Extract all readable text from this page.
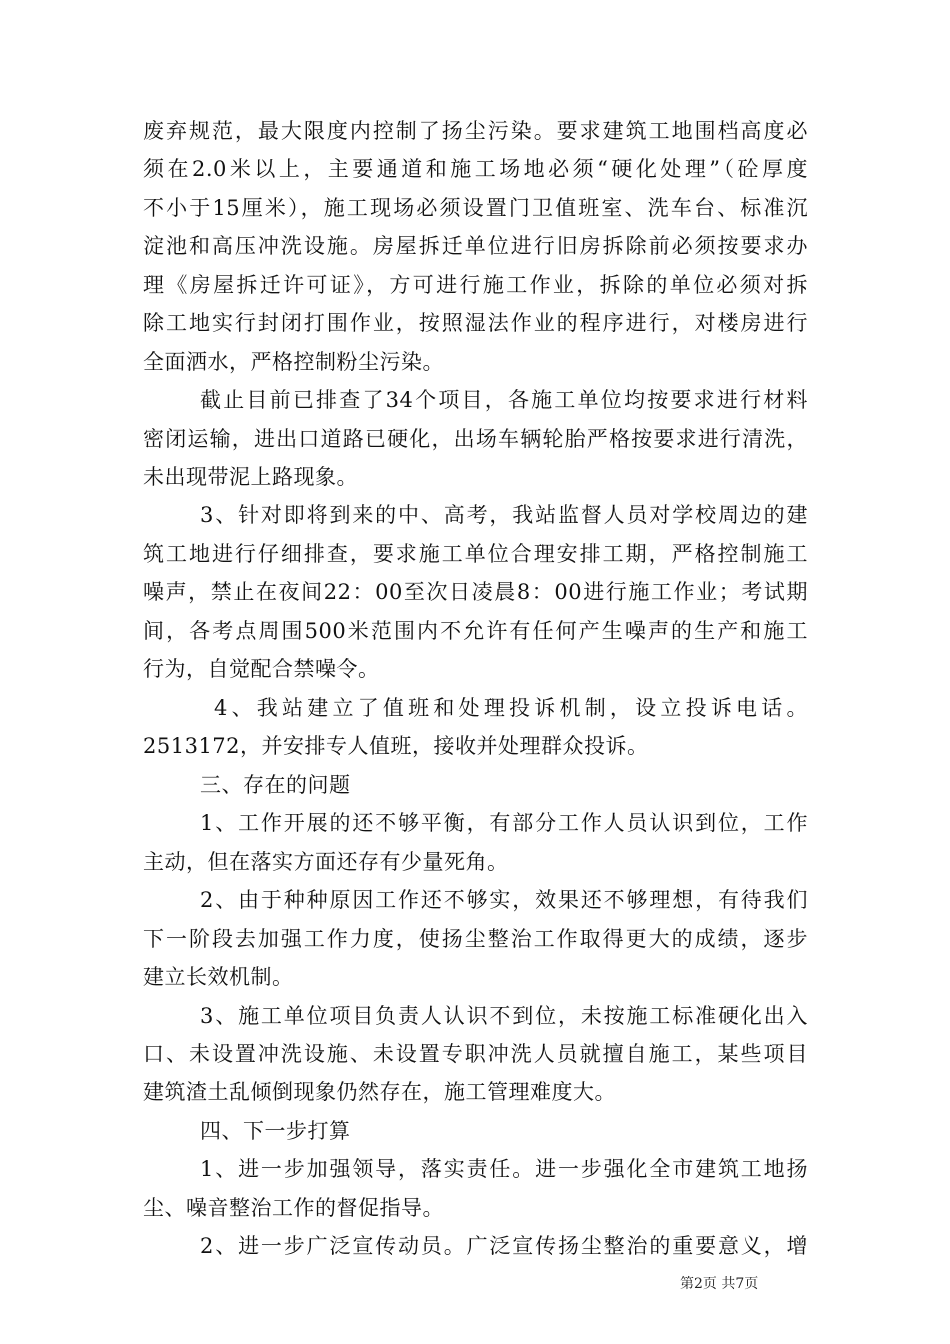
废弃规范，最大限度内控制了扬尘污染。要求建筑工地围档高度必
须在2.0米以上，主要通道和施工场地必须“硬化处理”（砼厚度
不小于15厘米），施工现场必须设置门卫值班室、洗车台、标准沉
淀池和高压冲洗设施。房屋拆迁单位进行旧房拆除前必须按要求办
理《房屋拆迁许可证》，方可进行施工作业，拆除的单位必须对拆
除工地实行封闭打围作业，按照湿法作业的程序进行，对楼房进行
全面洒水，严格控制粉尘污染。
截止目前已排查了34个项目，各施工单位均按要求进行材料
密闭运输，进出口道路已硬化，出场车辆轮胎严格按要求进行清洗，
未出现带泥上路现象。
3、针对即将到来的中、高考，我站监督人员对学校周边的建
筑工地进行仔细排查，要求施工单位合理安排工期，严格控制施工
噪声，禁止在夜间22：00至次日凌晨8：00进行施工作业；考试期
间，各考点周围500米范围内不允许有任何产生噪声的生产和施工
行为，自觉配合禁噪令。
4、我站建立了值班和处理投诉机制，设立投诉电话。
2513172，并安排专人值班，接收并处理群众投诉。
三、存在的问题
1、工作开展的还不够平衡，有部分工作人员认识到位，工作
主动，但在落实方面还存有少量死角。
2、由于种种原因工作还不够实，效果还不够理想，有待我们
下一阶段去加强工作力度，使扬尘整治工作取得更大的成绩，逐步
建立长效机制。
3、施工单位项目负责人认识不到位，未按施工标准硬化出入
口、未设置冲洗设施、未设置专职冲洗人员就擅自施工，某些项目
建筑渣土乱倾倒现象仍然存在，施工管理难度大。
四、下一步打算
1、进一步加强领导，落实责任。进一步强化全市建筑工地扬
尘、噪音整治工作的督促指导。
2、进一步广泛宣传动员。广泛宣传扬尘整治的重要意义，增
第2页 共7页
